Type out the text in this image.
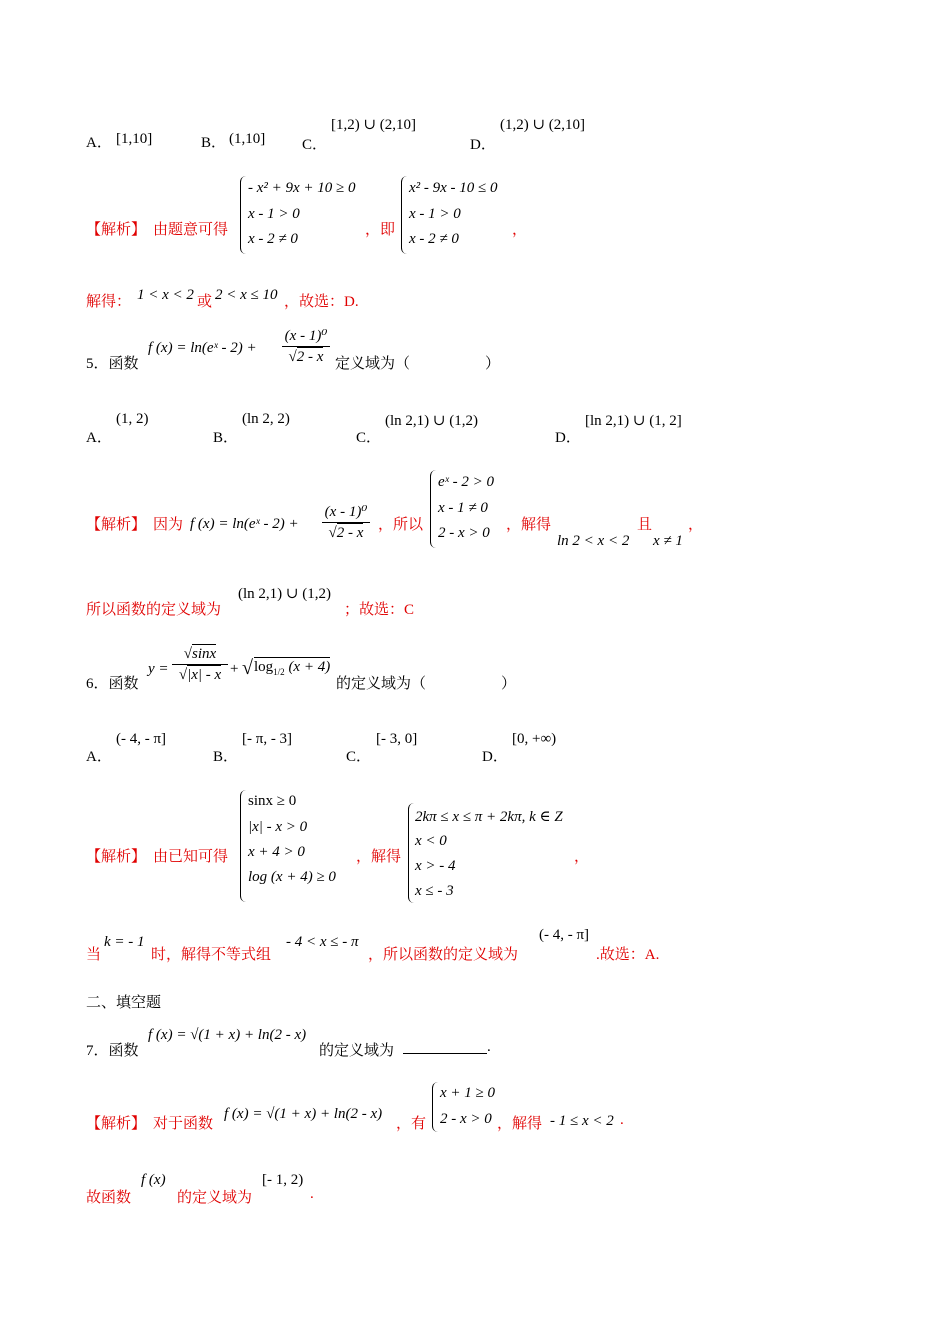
A． [1,10]	B． (1,10] C．
[1,2) ∪ (2,10]
D．
(1,2) ∪ (2,10]
【解析】 由题意可得
- x² + 9x + 10 ≥ 0
x - 1 > 0
x - 2 ≠ 0
，即
x² - 9x - 10 ≤ 0
x - 1 > 0
x - 2 ≠ 0
，
解得： 1 < x < 2 或 2 < x ≤ 10 ，故选：D.
5．函数
f (x) = ln(eˣ - $2) + \frac{\text{(x - 1)⁰}}{√2 - x}$ 定义域为（　　　　　）
A．
(1, 2)
B．
(ln 2, 2)
C．
(ln 2,1) ∪ (1,2)
D．
[ln 2,1) ∪ (1, 2]
【解析】 因为 f (x) = ln(eˣ - $2) + \frac{\text{(x - 1)⁰}}{√2 - x}$ ，所以
eˣ - 2 > 0
x - 1 ≠ 0
2 - x > 0 ，解得	且
ln 2 < x < 2 x ≠ 1
，
所以函数的定义域为
(ln 2,1) ∪ (1,2)
；故选：C
6．函数
$y = \frac{√\sin x}{√|x| - x}$ + √ $\log_{1/2} (x + 4)$
的定义域为（　　　　　）
A．
(- 4, - π]
B．
[- π, - 3]
C．
[- 3, 0]
D．
[0, +∞)
【解析】 由已知可得
sinx ≥ 0
|x| - x > 0
x + 4 > 0
log (x + 4) ≥ 0
，解得
2kπ ≤ x ≤ π + 2kπ, k ∈ Z
x < 0
x > - 4
x ≤ - 3
，
当
k = - 1
时，解得不等式组
- 4 < x ≤ - π
，所以函数的定义域为
(- 4, - π]
.故选：A.
二、填空题
7．函数
f (x) = √(1 + x) + ln(2 - x)
的定义域为	.
【解析】 对于函数
f (x) = √(1 + x) + ln(2 - x)
，有
x + 1 ≥ 0
2 - x > 0 ，解得 - 1 ≤ x < 2 .
故函数
f (x)
的定义域为
[- 1, 2)
.
